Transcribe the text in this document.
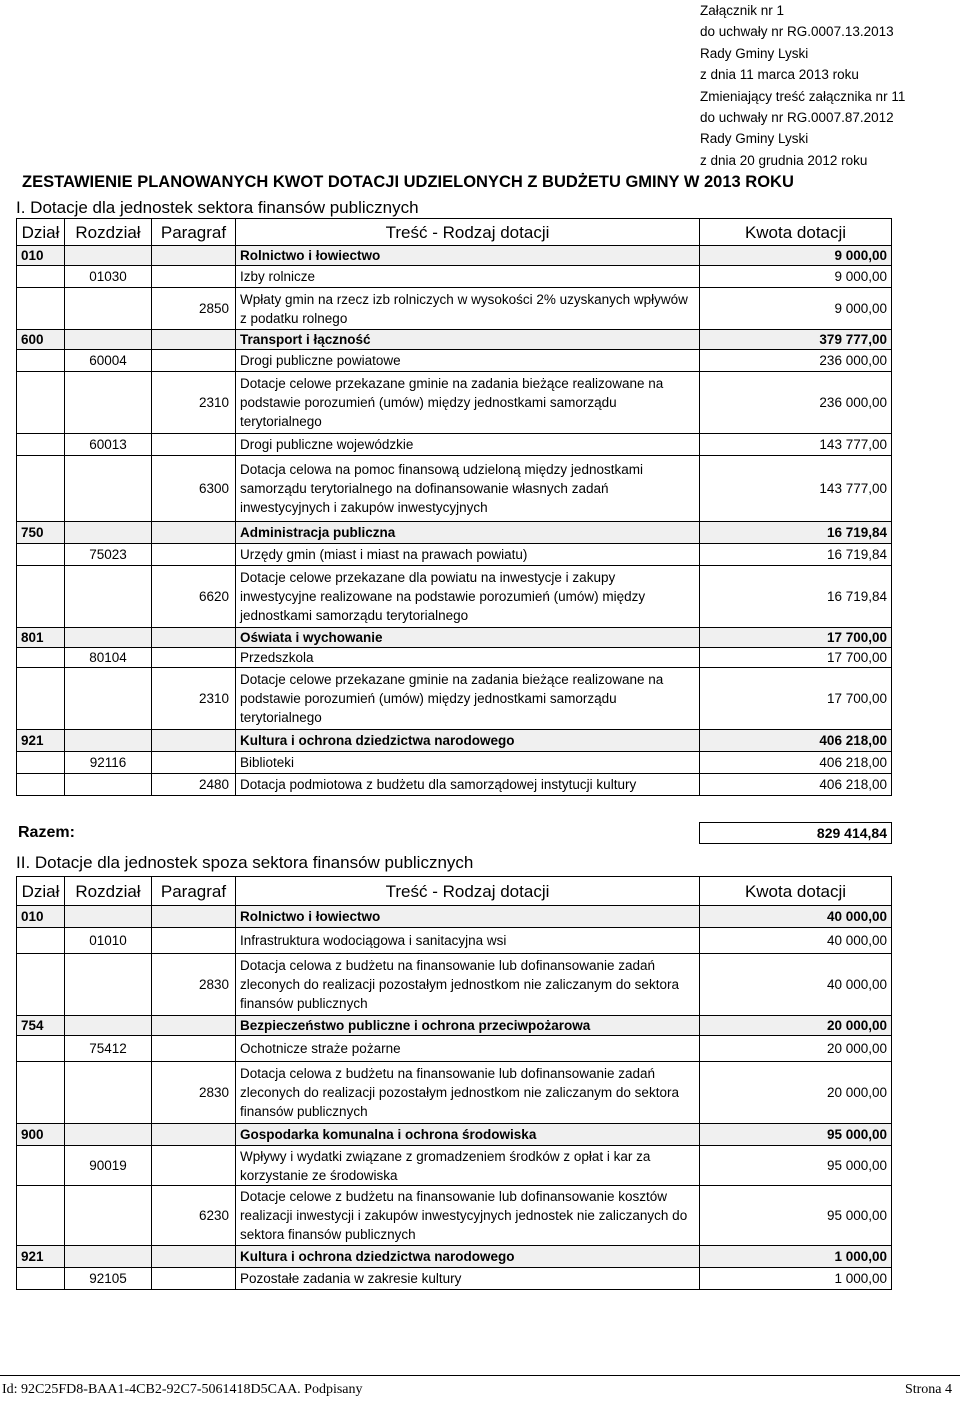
Załącznik nr 1
do uchwały nr RG.0007.13.2013
Rady Gminy Lyski
z dnia 11 marca 2013 roku
Zmieniający treść załącznika nr 11
do uchwały nr RG.0007.87.2012
Rady Gminy Lyski
z dnia 20 grudnia 2012 roku
ZESTAWIENIE PLANOWANYCH KWOT DOTACJI UDZIELONYCH Z BUDŻETU GMINY W 2013 ROKU
I. Dotacje dla jednostek sektora finansów publicznych
Dział	Rozdział	Paragraf	Treść - Rodzaj dotacji	Kwota dotacji
010			Rolnictwo i łowiectwo	9 000,00
	01030		Izby rolnicze	9 000,00
		2850	Wpłaty gmin na rzecz izb rolniczych w wysokości 2% uzyskanych wpływów z podatku rolnego	9 000,00
600			Transport i łączność	379 777,00
	60004		Drogi publiczne powiatowe	236 000,00
		2310	Dotacje celowe przekazane gminie na zadania bieżące realizowane na podstawie porozumień (umów) między jednostkami samorządu terytorialnego	236 000,00
	60013		Drogi publiczne wojewódzkie	143 777,00
		6300	Dotacja celowa na pomoc finansową udzieloną między jednostkami samorządu terytorialnego na dofinansowanie własnych zadań inwestycyjnych i zakupów inwestycyjnych	143 777,00
750			Administracja publiczna	16 719,84
	75023		Urzędy gmin (miast i miast na prawach powiatu)	16 719,84
		6620	Dotacje celowe przekazane dla powiatu na inwestycje i zakupy inwestycyjne realizowane na podstawie porozumień (umów) między jednostkami samorządu terytorialnego	16 719,84
801			Oświata i wychowanie	17 700,00
	80104		Przedszkola	17 700,00
		2310	Dotacje celowe przekazane gminie na zadania bieżące realizowane na podstawie porozumień (umów) między jednostkami samorządu terytorialnego	17 700,00
921			Kultura i ochrona dziedzictwa narodowego	406 218,00
	92116		Biblioteki	406 218,00
		2480	Dotacja podmiotowa z budżetu dla samorządowej instytucji kultury	406 218,00
Razem:	829 414,84
II. Dotacje dla jednostek spoza sektora finansów publicznych
Dział	Rozdział	Paragraf	Treść - Rodzaj dotacji	Kwota dotacji
010			Rolnictwo i łowiectwo	40 000,00
	01010		Infrastruktura wodociągowa i sanitacyjna wsi	40 000,00
		2830	Dotacja celowa z budżetu na finansowanie lub dofinansowanie zadań zleconych do realizacji pozostałym jednostkom nie zaliczanym do sektora finansów publicznych	40 000,00
754			Bezpieczeństwo publiczne i ochrona przeciwpożarowa	20 000,00
	75412		Ochotnicze straże pożarne	20 000,00
		2830	Dotacja celowa z budżetu na finansowanie lub dofinansowanie zadań zleconych do realizacji pozostałym jednostkom nie zaliczanym do sektora finansów publicznych	20 000,00
900			Gospodarka komunalna i ochrona środowiska	95 000,00
	90019		Wpływy i wydatki związane z gromadzeniem środków z opłat i kar za korzystanie ze środowiska	95 000,00
		6230	Dotacje celowe z budżetu na finansowanie lub dofinansowanie kosztów realizacji inwestycji i zakupów inwestycyjnych jednostek nie zaliczanych do sektora finansów publicznych	95 000,00
921			Kultura i ochrona dziedzictwa narodowego	1 000,00
	92105		Pozostałe zadania w zakresie kultury	1 000,00
Id: 92C25FD8-BAA1-4CB2-92C7-5061418D5CAA. Podpisany	Strona 4
